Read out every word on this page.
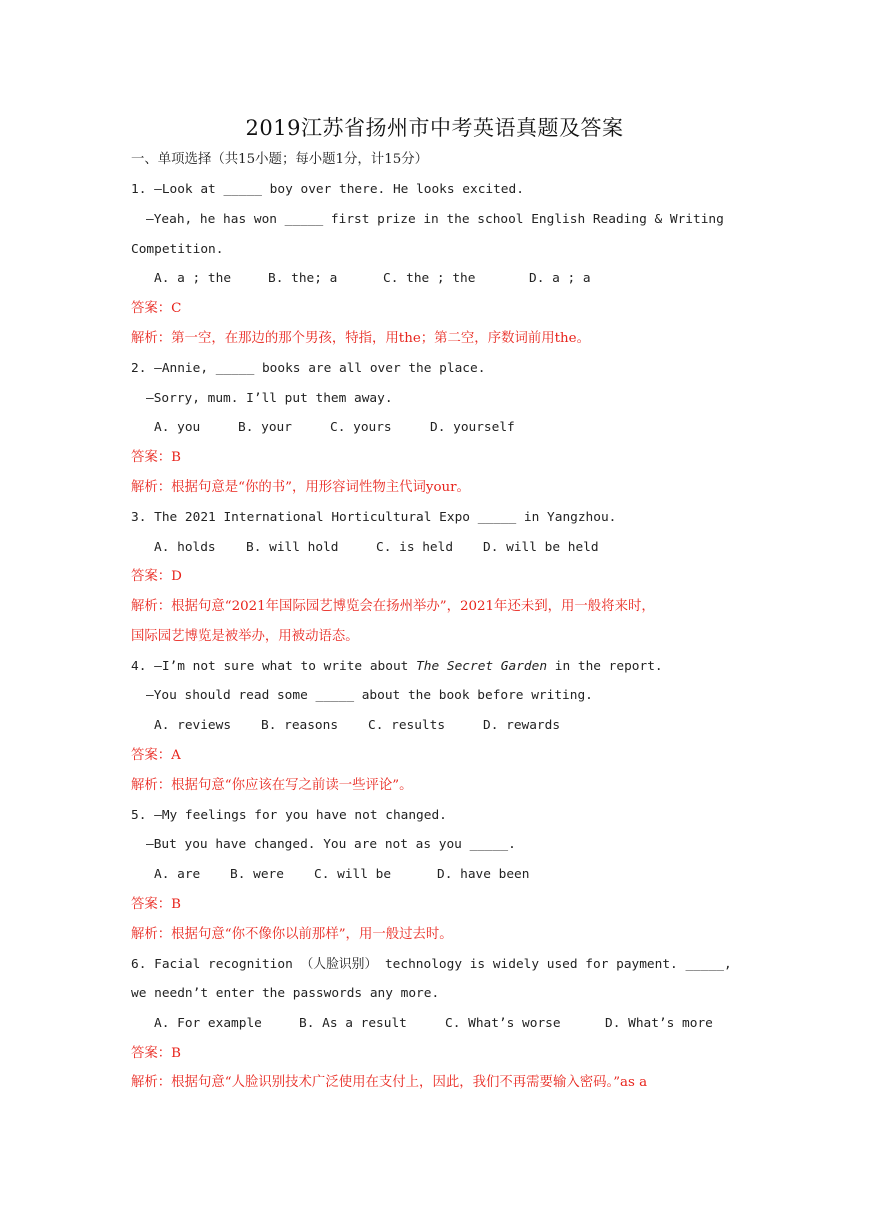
2019江苏省扬州市中考英语真题及答案
一、单项选择（共15小题；每小题1分，计15分）
1. —Look at _____ boy over there. He looks excited.
—Yeah, he has won _____ first prize in the school English Reading & Writing
Competition.
A. a ; the	B. the; a	C. the ; the	D. a ; a
答案：C
解析：第一空，在那边的那个男孩，特指，用the；第二空，序数词前用the。
2. —Annie, _____ books are all over the place.
—Sorry, mum. I’ll put them away.
A. you	B. your	C. yours	D. yourself
答案：B
解析：根据句意是“你的书”，用形容词性物主代词your。
3. The 2021 International Horticultural Expo _____ in Yangzhou.
A. holds B. will hold	C. is held D. will be held
答案：D
解析：根据句意“2021年国际园艺博览会在扬州举办”，2021年还未到，用一般将来时，
国际园艺博览是被举办，用被动语态。
4. —I’m not sure what to write about The Secret Garden in the report.
—You should read some _____ about the book before writing.
A. reviews B. reasons C. results	D. rewards
答案：A
解析：根据句意“你应该在写之前读一些评论”。
5. —My feelings for you have not changed.
—But you have changed. You are not as you _____.
A. are B. were C. will be	D. have been
答案：B
解析：根据句意“你不像你以前那样”，用一般过去时。
6. Facial recognition （人脸识别） technology is widely used for payment. _____,
we needn’t enter the passwords any more.
A. For example	B. As a result	C. What’s worse	D. What’s more
答案：B
解析：根据句意“人脸识别技术广泛使用在支付上，因此，我们不再需要输入密码。”as a
